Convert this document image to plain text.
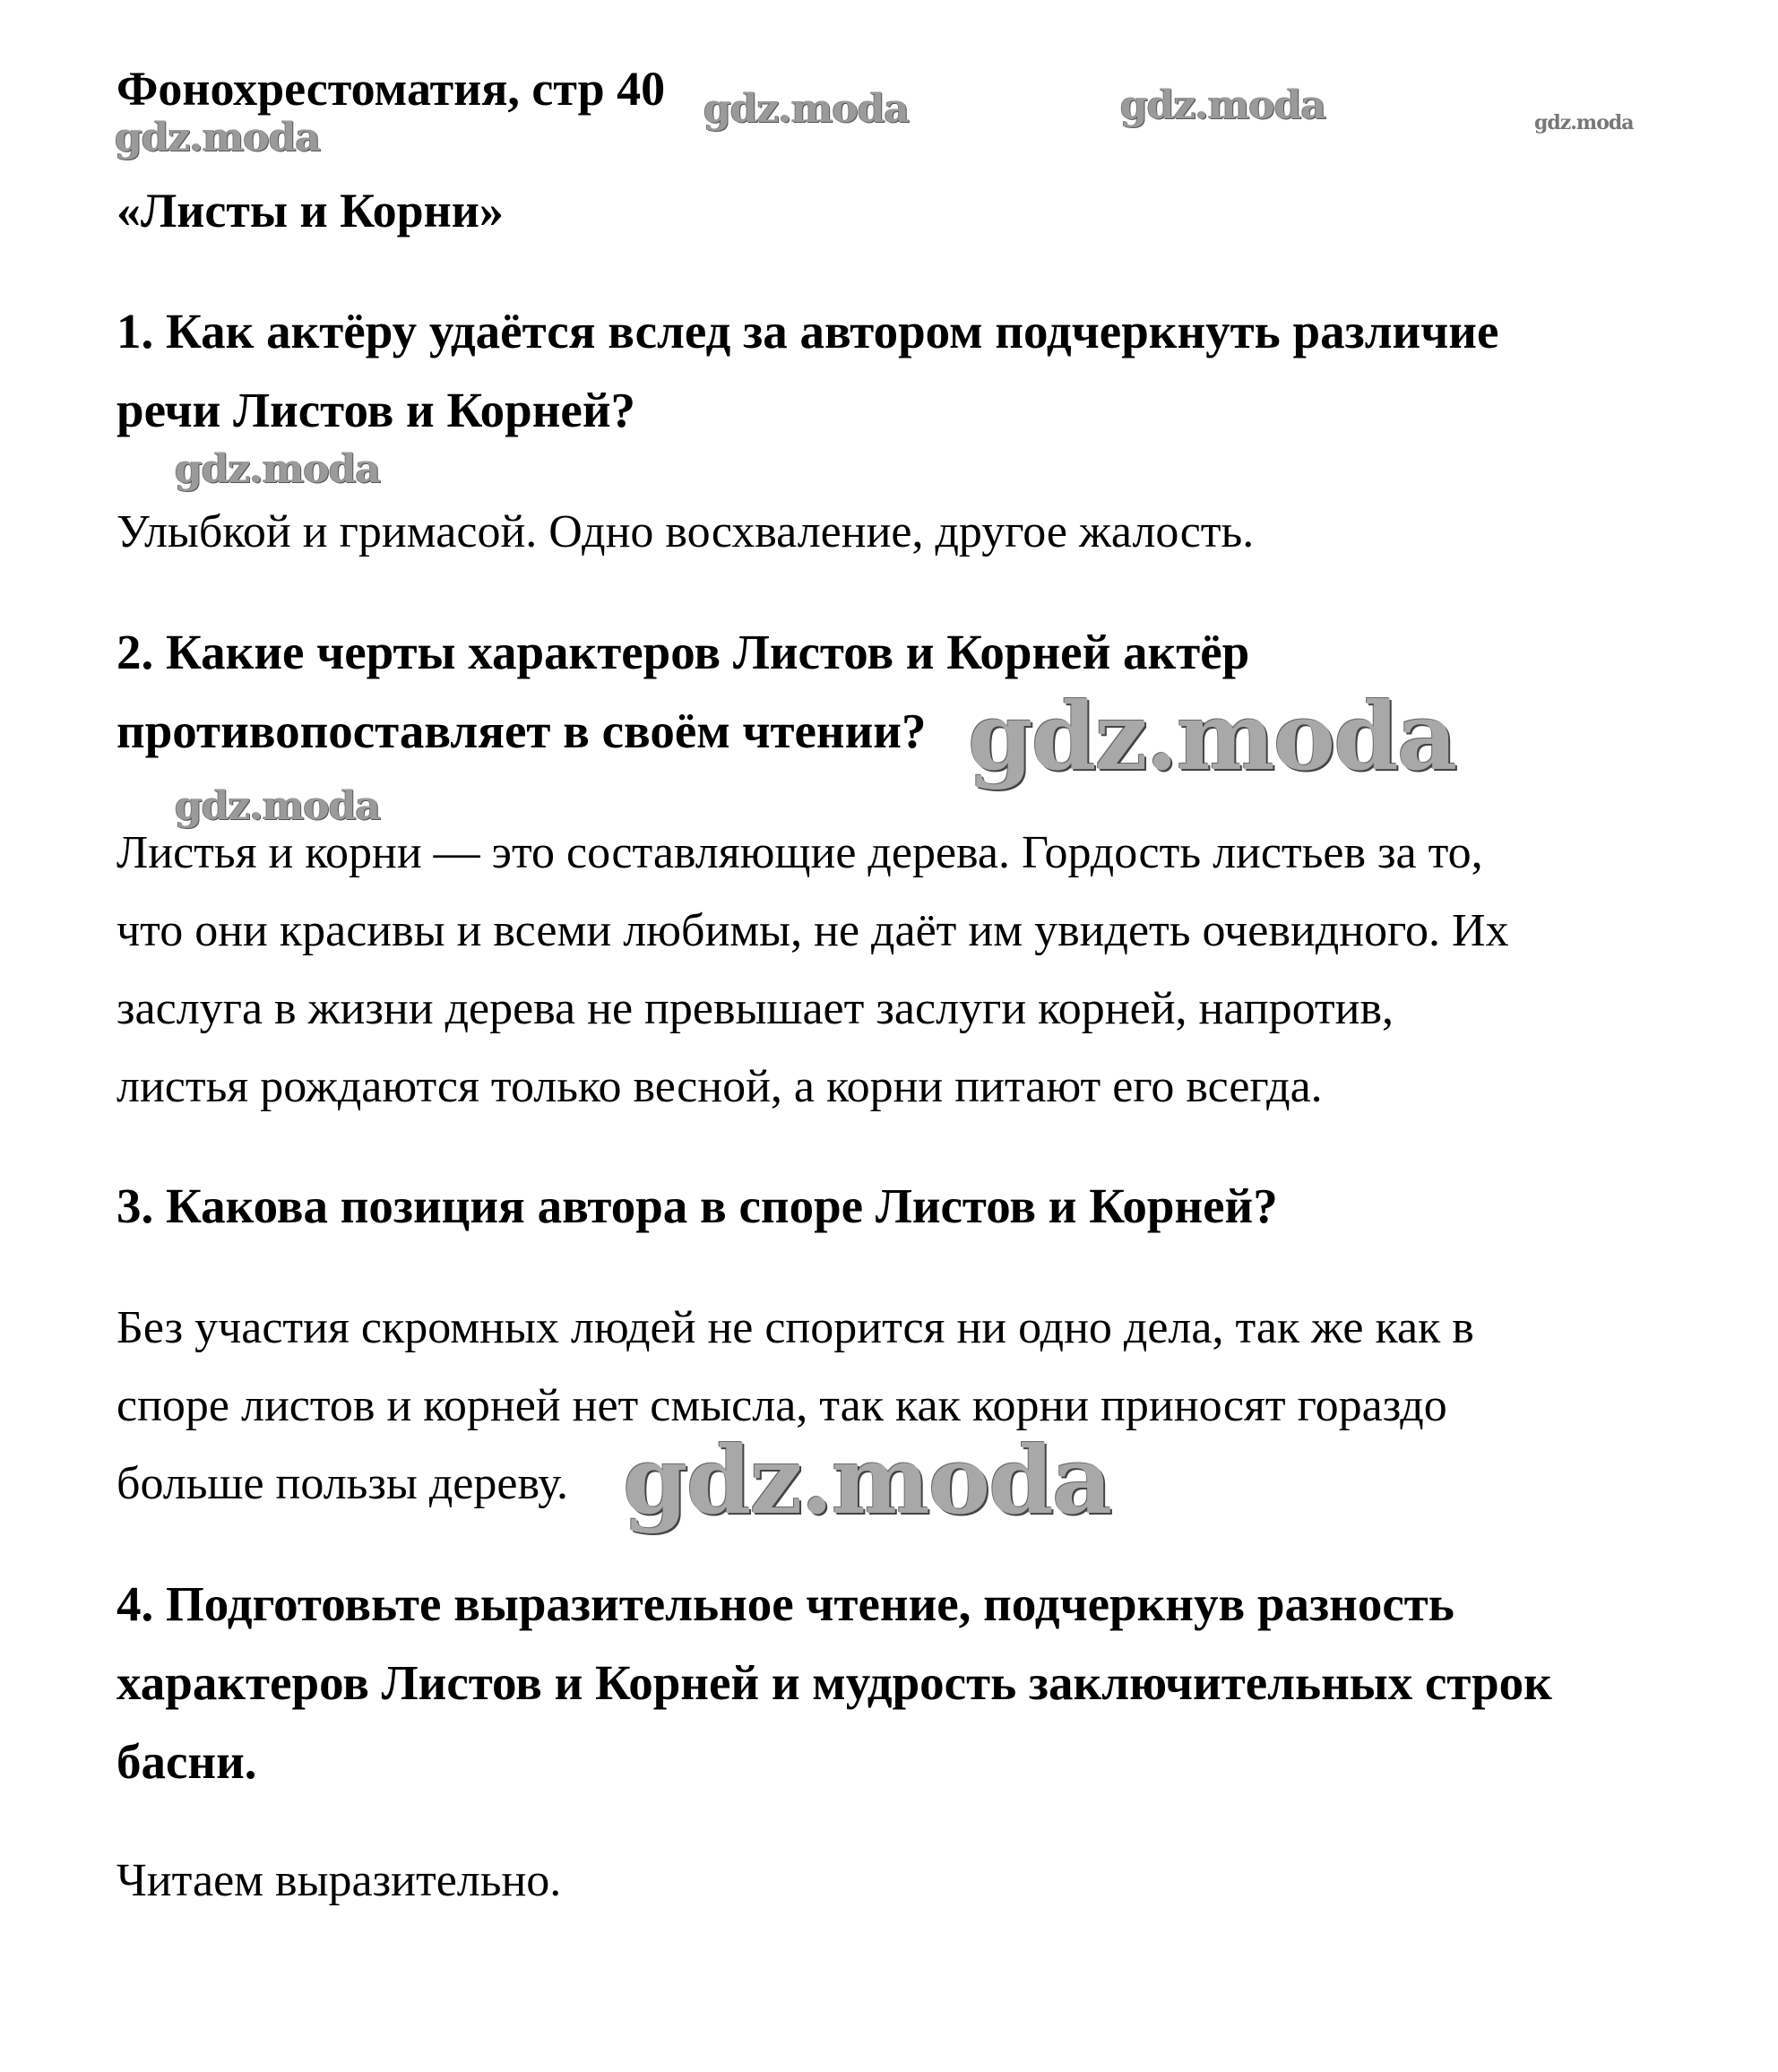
Фонохрестоматия, стр 40
«Листы и Корни»
1. Как актёру удаётся вслед за автором подчеркнуть различие
речи Листов и Корней?
Улыбкой и гримасой. Одно восхваление, другое жалость.
2. Какие черты характеров Листов и Корней актёр
противопоставляет в своём чтении?
Листья и корни — это составляющие дерева. Гордость листьев за то,
что они красивы и всеми любимы, не даёт им увидеть очевидного. Их
заслуга в жизни дерева не превышает заслуги корней, напротив,
листья рождаются только весной, а корни питают его всегда.
3. Какова позиция автора в споре Листов и Корней?
Без участия скромных людей не спорится ни одно дела, так же как в
споре листов и корней нет смысла, так как корни приносят гораздо
больше пользы дереву.
4. Подготовьте выразительное чтение, подчеркнув разность
характеров Листов и Корней и мудрость заключительных строк
басни.
Читаем выразительно.
gdz.moda	gdz.moda	gdz.moda
gdz.moda
gdz.moda
gdz.moda
gdz.moda
gdz.moda
